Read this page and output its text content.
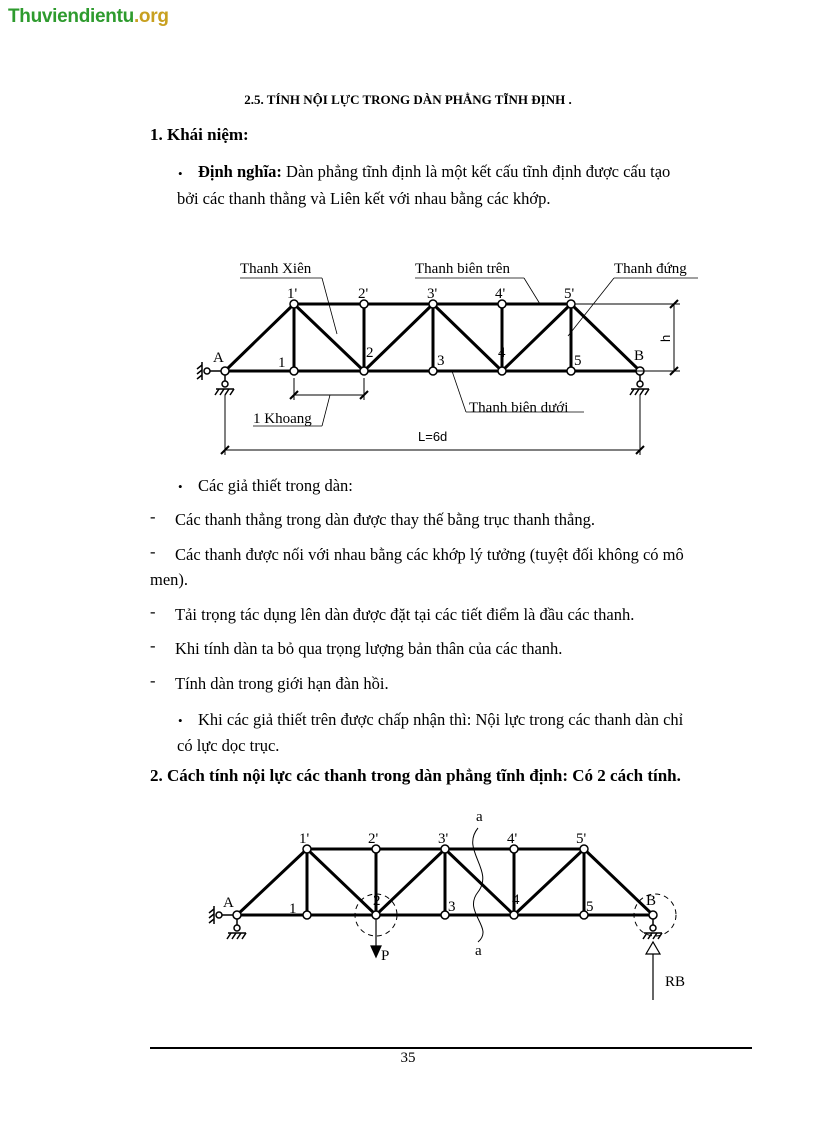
Thuviendientu.org
2.5. TÍNH NỘI LỰC TRONG DÀN PHẲNG TĨNH ĐỊNH .
1. Khái niệm:
• Định nghĩa: Dàn phẳng tĩnh định là một kết cấu tĩnh định được cấu tạo
bởi các thanh thẳng và Liên kết với nhau bằng các khớp.
Thanh Xiên	Thanh biên trên	Thanh đứng
Thanh biên dưới
1 Khoang
L=6d
h
1'	2'	3'	4'	5'
A	1
2	3	4	5	B
• Các giả thiết trong dàn:
- Các thanh thẳng trong dàn được thay thế bằng trục thanh thẳng.
- Các thanh được nối với nhau bằng các khớp lý tưởng (tuyệt đối không có mô
men).
- Tải trọng tác dụng lên dàn được đặt tại các tiết điểm là đầu các thanh.
- Khi tính dàn ta bỏ qua trọng lượng bản thân của các thanh.
- Tính dàn trong giới hạn đàn hồi.
• Khi các giả thiết trên được chấp nhận thì: Nội lực trong các thanh dàn chỉ
có lực dọc trục.
2. Cách tính nội lực các thanh trong dàn phẳng tĩnh định: Có 2 cách tính.
1'	2'	3'	4'	5'
A	1	2	3	4	5	B
a
a
P
RB
35
